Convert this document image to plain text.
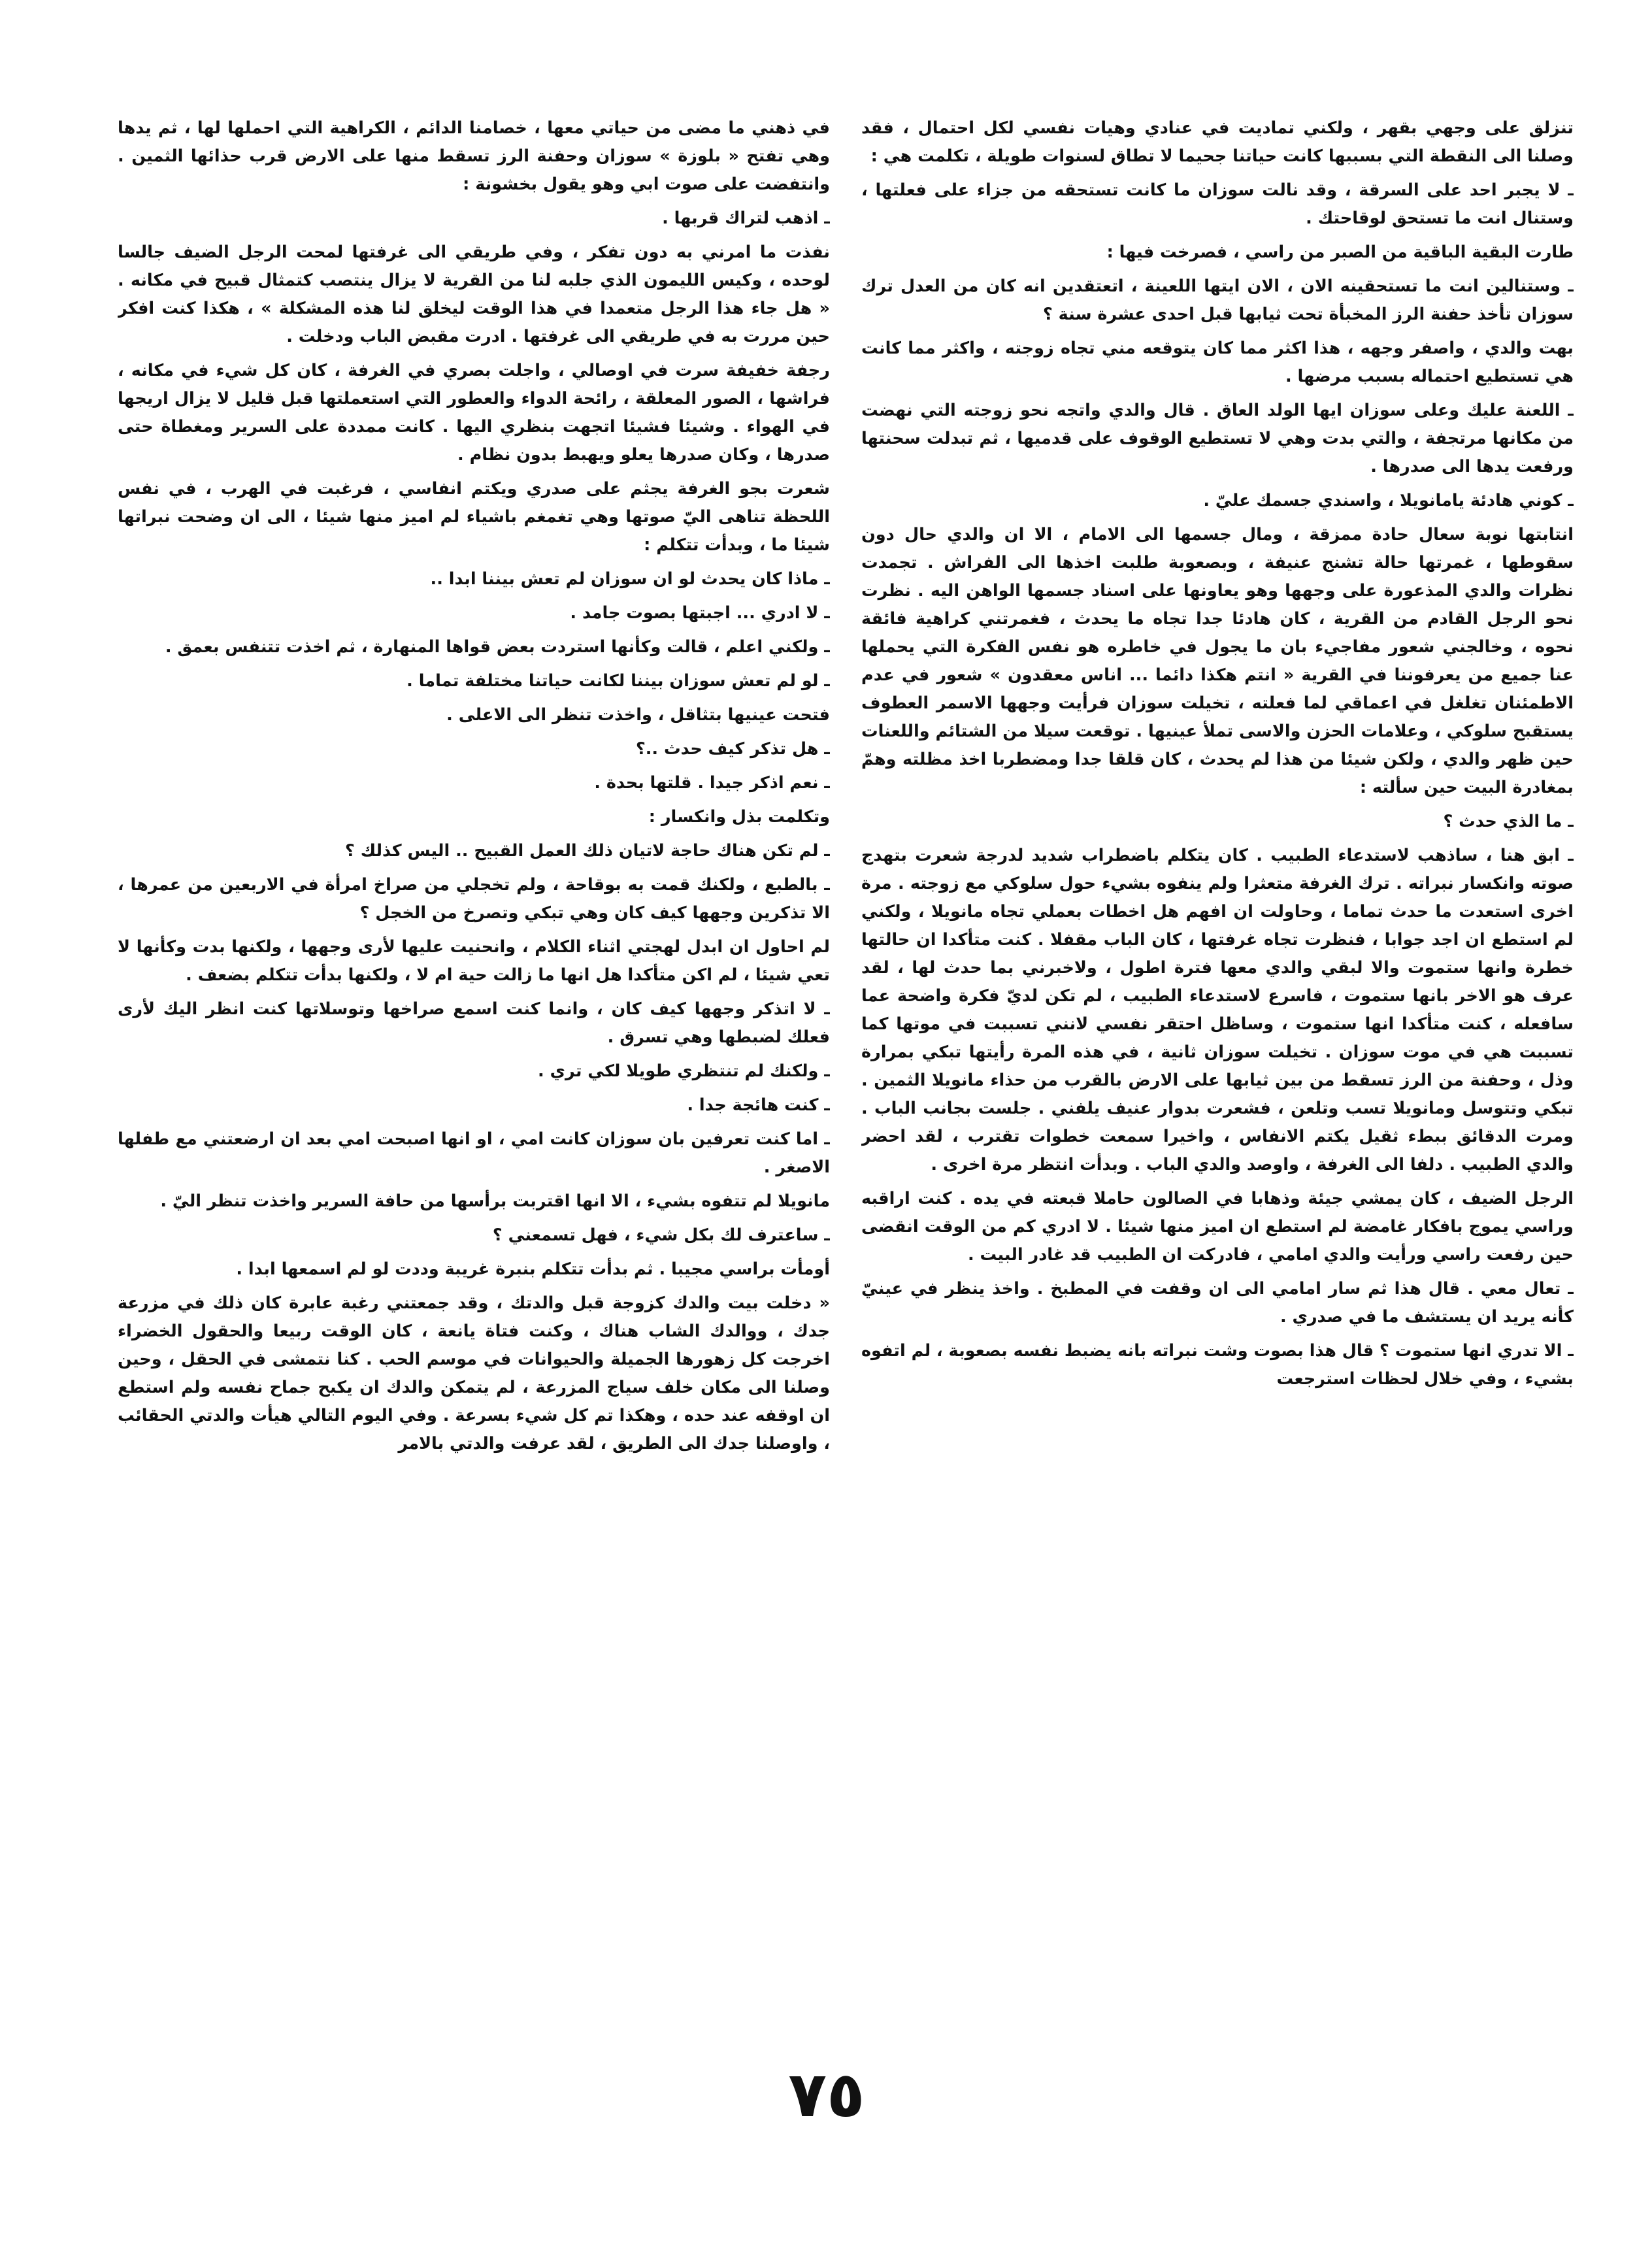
تنزلق على وجهي بقهر ، ولكني تماديت في عنادي وهيات نفسي لكل احتمال ، فقد وصلنا الى النقطة التي بسببها كانت حياتنا جحيما لا تطاق لسنوات طويلة ، تكلمت هي :

ـ لا يجبر احد على السرقة ، وقد نالت سوزان ما كانت تستحقه من جزاء على فعلتها ، وستنال انت ما تستحق لوقاحتك .

طارت البقية الباقية من الصبر من راسي ، فصرخت فيها :

ـ وستنالين انت ما تستحقينه الان ، الان ايتها اللعينة ، اتعتقدين انه كان من العدل ترك سوزان تأخذ حفنة الرز المخبأة تحت ثيابها قبل احدى عشرة سنة ؟

بهت والدي ، واصفر وجهه ، هذا اكثر مما كان يتوقعه مني تجاه زوجته ، واكثر مما كانت هي تستطيع احتماله بسبب مرضها .

ـ اللعنة عليك وعلى سوزان ايها الولد العاق . قال والدي واتجه نحو زوجته التي نهضت من مكانها مرتجفة ، والتي بدت وهي لا تستطيع الوقوف على قدميها ، ثم تبدلت سحنتها ورفعت يدها الى صدرها .

ـ كوني هادئة يامانويلا ، واسندي جسمك عليّ .

انتابتها نوبة سعال حادة ممزقة ، ومال جسمها الى الامام ، الا ان والدي حال دون سقوطها ، غمرتها حالة تشنج عنيفة ، وبصعوبة طلبت اخذها الى الفراش . تجمدت نظرات والدي المذعورة على وجهها وهو يعاونها على اسناد جسمها الواهن اليه . نظرت نحو الرجل القادم من القرية ، كان هادئا جدا تجاه ما يحدث ، فغمرتني كراهية فائقة نحوه ، وخالجني شعور مفاجيء بان ما يجول في خاطره هو نفس الفكرة التي يحملها عنا جميع من يعرفوننا في القرية « انتم هكذا دائما ... اناس معقدون » شعور في عدم الاطمئنان تغلغل في اعماقي لما فعلته ، تخيلت سوزان فرأيت وجهها الاسمر العطوف يستقبح سلوكي ، وعلامات الحزن والاسى تملأ عينيها . توقعت سيلا من الشتائم واللعنات حين ظهر والدي ، ولكن شيئا من هذا لم يحدث ، كان قلقا جدا ومضطربا اخذ مظلته وهمّ بمغادرة البيت حين سألته :

ـ ما الذي حدث ؟

ـ ابق هنا ، ساذهب لاستدعاء الطبيب . كان يتكلم باضطراب شديد لدرجة شعرت بتهدج صوته وانكسار نبراته . ترك الغرفة متعثرا ولم ينفوه بشيء حول سلوكي مع زوجته . مرة اخرى استعدت ما حدث تماما ، وحاولت ان افهم هل اخطات بعملي تجاه مانويلا ، ولكني لم استطع ان اجد جوابا ، فنظرت تجاه غرفتها ، كان الباب مقفلا . كنت متأكدا ان حالتها خطرة وانها ستموت والا لبقي والدي معها فترة اطول ، ولاخبرني بما حدث لها ، لقد عرف هو الاخر بانها ستموت ، فاسرع لاستدعاء الطبيب ، لم تكن لديّ فكرة واضحة عما سافعله ، كنت متأكدا انها ستموت ، وساظل احتقر نفسي لانني تسببت في موتها كما تسببت هي في موت سوزان . تخيلت سوزان ثانية ، في هذه المرة رأيتها تبكي بمرارة وذل ، وحفنة من الرز تسقط من بين ثيابها على الارض بالقرب من حذاء مانويلا الثمين . تبكي وتتوسل ومانويلا تسب وتلعن ، فشعرت بدوار عنيف يلفني . جلست بجانب الباب . ومرت الدقائق ببطء ثقيل يكتم الانفاس ، واخيرا سمعت خطوات تقترب ، لقد احضر والدي الطبيب . دلفا الى الغرفة ، واوصد والدي الباب . وبدأت انتظر مرة اخرى .

الرجل الضيف ، كان يمشي جيئة وذهابا في الصالون حاملا قبعته في يده . كنت اراقبه وراسي يموج بافكار غامضة لم استطع ان اميز منها شيئا . لا ادري كم من الوقت انقضى حين رفعت راسي ورأيت والدي امامي ، فادركت ان الطبيب قد غادر البيت .

ـ تعال معي . قال هذا ثم سار امامي الى ان وقفت في المطبخ . واخذ ينظر في عينيّ كأنه يريد ان يستشف ما في صدري .

ـ الا تدري انها ستموت ؟ قال هذا بصوت وشت نبراته بانه يضبط نفسه بصعوبة ، لم اتفوه بشيء ، وفي خلال لحظات استرجعت

في ذهني ما مضى من حياتي معها ، خصامنا الدائم ، الكراهية التي احملها لها ، ثم يدها وهي تفتح « بلوزة » سوزان وحفنة الرز تسقط منها على الارض قرب حذائها الثمين . وانتفضت على صوت ابي وهو يقول بخشونة :

ـ اذهب لتراك قربها .

نفذت ما امرني به دون تفكر ، وفي طريقي الى غرفتها لمحت الرجل الضيف جالسا لوحده ، وكيس الليمون الذي جلبه لنا من القرية لا يزال ينتصب كتمثال قبيح في مكانه . « هل جاء هذا الرجل متعمدا في هذا الوقت ليخلق لنا هذه المشكلة » ، هكذا كنت افكر حين مررت به في طريقي الى غرفتها . ادرت مقبض الباب ودخلت .

رجفة خفيفة سرت في اوصالي ، واجلت بصري في الغرفة ، كان كل شيء في مكانه ، فراشها ، الصور المعلقة ، رائحة الدواء والعطور التي استعملتها قبل قليل لا يزال اريجها في الهواء . وشيئا فشيئا اتجهت بنظري اليها . كانت ممددة على السرير ومغطاة حتى صدرها ، وكان صدرها يعلو ويهبط بدون نظام .

شعرت بجو الغرفة يجثم على صدري ويكتم انفاسي ، فرغبت في الهرب ، في نفس اللحظة تناهى اليّ صوتها وهي تغمغم باشياء لم اميز منها شيئا ، الى ان وضحت نبراتها شيئا ما ، وبدأت تتكلم :

ـ ماذا كان يحدث لو ان سوزان لم تعش بيننا ابدا ..

ـ لا ادري ... اجبتها بصوت جامد .

ـ ولكني اعلم ، قالت وكأنها استردت بعض قواها المنهارة ، ثم اخذت تتنفس بعمق .

ـ لو لم تعش سوزان بيننا لكانت حياتنا مختلفة تماما .

فتحت عينيها بتثاقل ، واخذت تنظر الى الاعلى .

ـ هل تذكر كيف حدث ..؟

ـ نعم اذكر جيدا . قلتها بحدة .

وتكلمت بذل وانكسار :

ـ لم تكن هناك حاجة لاتيان ذلك العمل القبيح .. اليس كذلك ؟

ـ بالطبع ، ولكنك قمت به بوقاحة ، ولم تخجلي من صراخ امرأة في الاربعين من عمرها ، الا تذكرين وجهها كيف كان وهي تبكي وتصرخ من الخجل ؟

لم احاول ان ابدل لهجتي اثناء الكلام ، وانحنيت عليها لأرى وجهها ، ولكنها بدت وكأنها لا تعي شيئا ، لم اكن متأكدا هل انها ما زالت حية ام لا ، ولكنها بدأت تتكلم بضعف .

ـ لا اتذكر وجهها كيف كان ، وانما كنت اسمع صراخها وتوسلاتها كنت انظر اليك لأرى فعلك لضبطها وهي تسرق .

ـ ولكنك لم تنتظري طويلا لكي تري .

ـ كنت هائجة جدا .

ـ اما كنت تعرفين بان سوزان كانت امي ، او انها اصبحت امي بعد ان ارضعتني مع طفلها الاصغر .

مانويلا لم تتفوه بشيء ، الا انها اقتربت برأسها من حافة السرير واخذت تنظر اليّ .

ـ ساعترف لك بكل شيء ، فهل تسمعني ؟

أومأت براسي مجيبا . ثم بدأت تتكلم بنبرة غريبة وددت لو لم اسمعها ابدا .

« دخلت بيت والدك كزوجة قبل والدتك ، وقد جمعتني رغبة عابرة كان ذلك في مزرعة جدك ، ووالدك الشاب هناك ، وكنت فتاة يانعة ، كان الوقت ربيعا والحقول الخضراء اخرجت كل زهورها الجميلة والحيوانات في موسم الحب . كنا نتمشى في الحقل ، وحين وصلنا الى مكان خلف سياج المزرعة ، لم يتمكن والدك ان يكبح جماح نفسه ولم استطع ان اوقفه عند حده ، وهكذا تم كل شيء بسرعة . وفي اليوم التالي هيأت والدتي الحقائب ، واوصلنا جدك الى الطريق ، لقد عرفت والدتي بالامر

٧٥
